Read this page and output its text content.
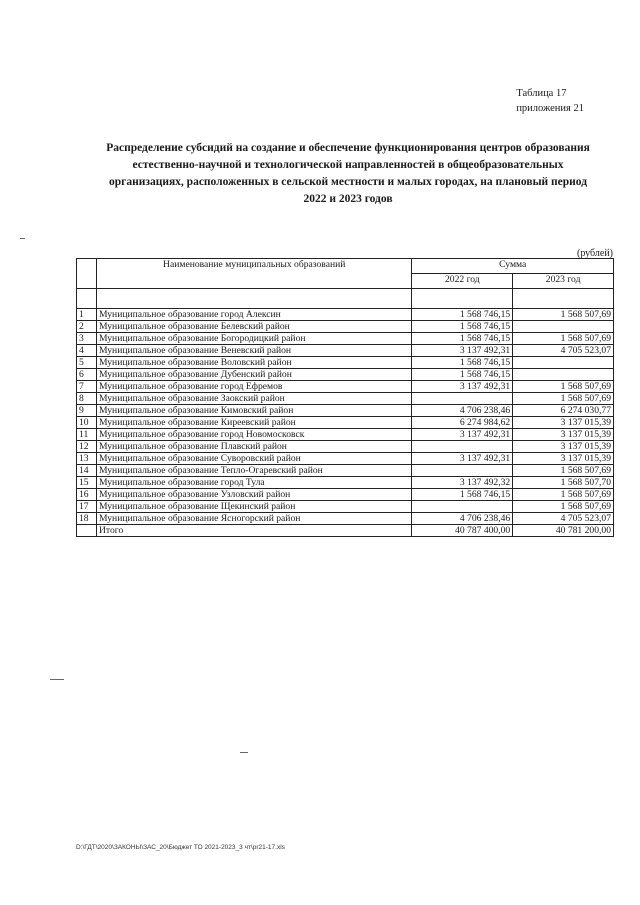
Таблица 17
приложения 21
Распределение субсидий на создание и обеспечение функционирования центров образования
естественно-научной и технологической направленностей в общеобразовательных
организациях, расположенных в сельской местности и малых городах, на плановый период
2022 и 2023 годов
(рублей)
	Наименование муниципальных образований	Сумма	
		2022 год	2023 год

1	Муниципальное образование город Алексин	1 568 746,15	1 568 507,69
2	Муниципальное образование Белевский район	1 568 746,15	
3	Муниципальное образование Богородицкий район	1 568 746,15	1 568 507,69
4	Муниципальное образование Веневский район	3 137 492,31	4 705 523,07
5	Муниципальное образование Воловский район	1 568 746,15	
6	Муниципальное образование Дубенский район	1 568 746,15	
7	Муниципальное образование город Ефремов	3 137 492,31	1 568 507,69
8	Муниципальное образование Заокский район		1 568 507,69
9	Муниципальное образование Кимовский район	4 706 238,46	6 274 030,77
10	Муниципальное образование Киреевский район	6 274 984,62	3 137 015,39
11	Муниципальное образование город Новомосковск	3 137 492,31	3 137 015,39
12	Муниципальное образование Плавский район		3 137 015,39
13	Муниципальное образование Суворовский район	3 137 492,31	3 137 015,39
14	Муниципальное образование Тепло-Огаревский район		1 568 507,69
15	Муниципальное образование город Тула	3 137 492,32	1 568 507,70
16	Муниципальное образование Узловский район	1 568 746,15	1 568 507,69
17	Муниципальное образование Щекинский район		1 568 507,69
18	Муниципальное образование Ясногорский район	4 706 238,46	4 705 523,07
	Итого	40 787 400,00	40 781 200,00
D:\ГДТ\2020\ЗАКОНЫ\ЗАС_20\Бюджет ТО 2021-2023_3 чт\pr21-17.xls
